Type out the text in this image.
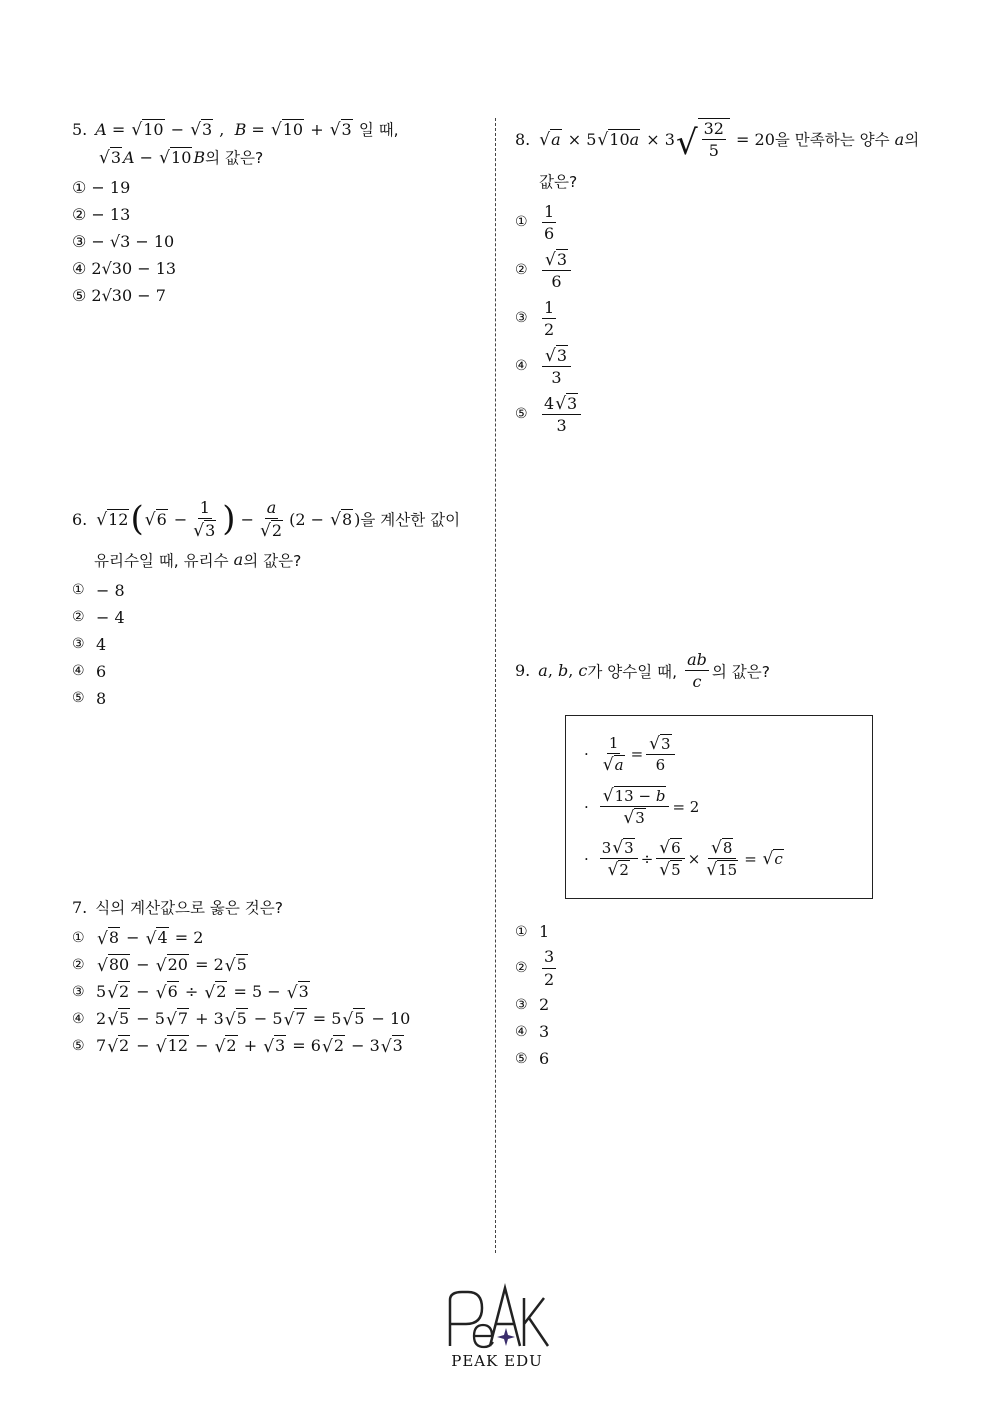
5. A = √ 10 − √ 3 , B = √ 10 + √ 3
일 때,
√ 3 A − √ 10 B 의 값은?
① − 19
② − 13
③ − √3 − 10
④ 2√30 − 13
⑤ 2√30 − 7
6. √ 12 ( √ $6 - \frac{1}{√ 3}$ ) − $\frac{a}{√ 2} (2$ − √ 8 ) 을 계산한 값이
유리수일 때, 유리수
a 의 값은?
① − 8
② − 4
③ 4
④ 6
⑤ 8
7. 식의 계산값으로 옳은 것은?
① √ 8 − √ 4 = 2
② √ 80 − √ 20 = 2 √ 5
③ 5 √ 2 − √ 6 ÷ √ 2 = 5 − √ 3
④ 2 √ 5 − 5 √ 7 + 3 √ 5 − 5 √ 7 = 5 √ 5 − 10
⑤ 7 √ 2 − √ 12 − √ 2 + √ 3 = 6 √ 2 − 3 √ 3
8. √ a × 5 √ 10a × 3 √ $\frac{32}{5} = 20$ 을 만족하는 양수
a 의
값은?
① $\frac{1}{6}$
② $\frac{√ 3}{6}$
③ $\frac{1}{2}$
④ $\frac{√ 3}{3}$
⑤ $\frac{4 √ 3}{3}$
9. a , b , c 가 양수일 때,
$\frac{ab}{c}$ 의 값은?
· $\frac{1}{√ a} = \frac{√ 3}{6}$
· $\frac{√ 13 - b}{√ 3} = 2$
· $\frac{3 √ 3}{√ 2} \div \frac{√ 6}{√ 5} \times \frac{√ 8}{√ 15}$ = √ c
① 1
② $\frac{3}{2}$
③ 2
④ 3
⑤ 6
PEAK EDU
